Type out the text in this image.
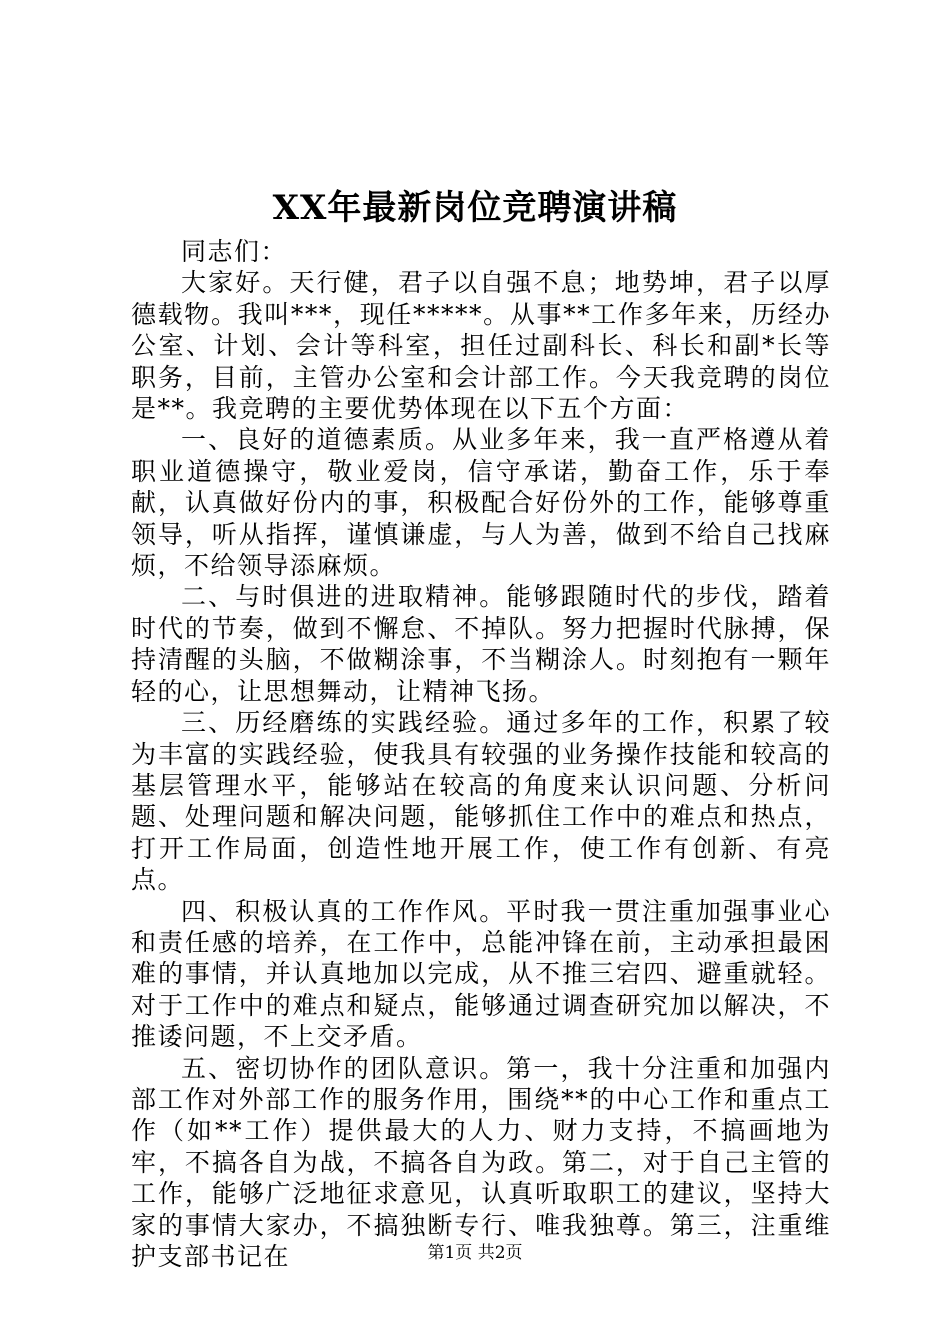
XX年最新岗位竞聘演讲稿

同志们：

大家好。天行健，君子以自强不息；地势坤，君子以厚德载物。我叫***，现任*****。从事**工作多年来，历经办公室、计划、会计等科室，担任过副科长、科长和副*长等职务，目前，主管办公室和会计部工作。今天我竞聘的岗位是**。我竞聘的主要优势体现在以下五个方面：

一、良好的道德素质。从业多年来，我一直严格遵从着职业道德操守，敬业爱岗，信守承诺，勤奋工作，乐于奉献，认真做好份内的事，积极配合好份外的工作，能够尊重领导，听从指挥，谨慎谦虚，与人为善，做到不给自己找麻烦，不给领导添麻烦。

二、与时俱进的进取精神。能够跟随时代的步伐，踏着时代的节奏，做到不懈怠、不掉队。努力把握时代脉搏，保持清醒的头脑，不做糊涂事，不当糊涂人。时刻抱有一颗年轻的心，让思想舞动，让精神飞扬。

三、历经磨练的实践经验。通过多年的工作，积累了较为丰富的实践经验，使我具有较强的业务操作技能和较高的基层管理水平，能够站在较高的角度来认识问题、分析问题、处理问题和解决问题，能够抓住工作中的难点和热点，打开工作局面，创造性地开展工作，使工作有创新、有亮点。

四、积极认真的工作作风。平时我一贯注重加强事业心和责任感的培养，在工作中，总能冲锋在前，主动承担最困难的事情，并认真地加以完成，从不推三宕四、避重就轻。对于工作中的难点和疑点，能够通过调查研究加以解决，不推诿问题，不上交矛盾。

五、密切协作的团队意识。第一，我十分注重和加强内部工作对外部工作的服务作用，围绕**的中心工作和重点工作（如**工作）提供最大的人力、财力支持，不搞画地为牢，不搞各自为战，不搞各自为政。第二，对于自己主管的工作，能够广泛地征求意见，认真听取职工的建议，坚持大家的事情大家办，不搞独断专行、唯我独尊。第三，注重维护支部书记在	第1页 共2页
